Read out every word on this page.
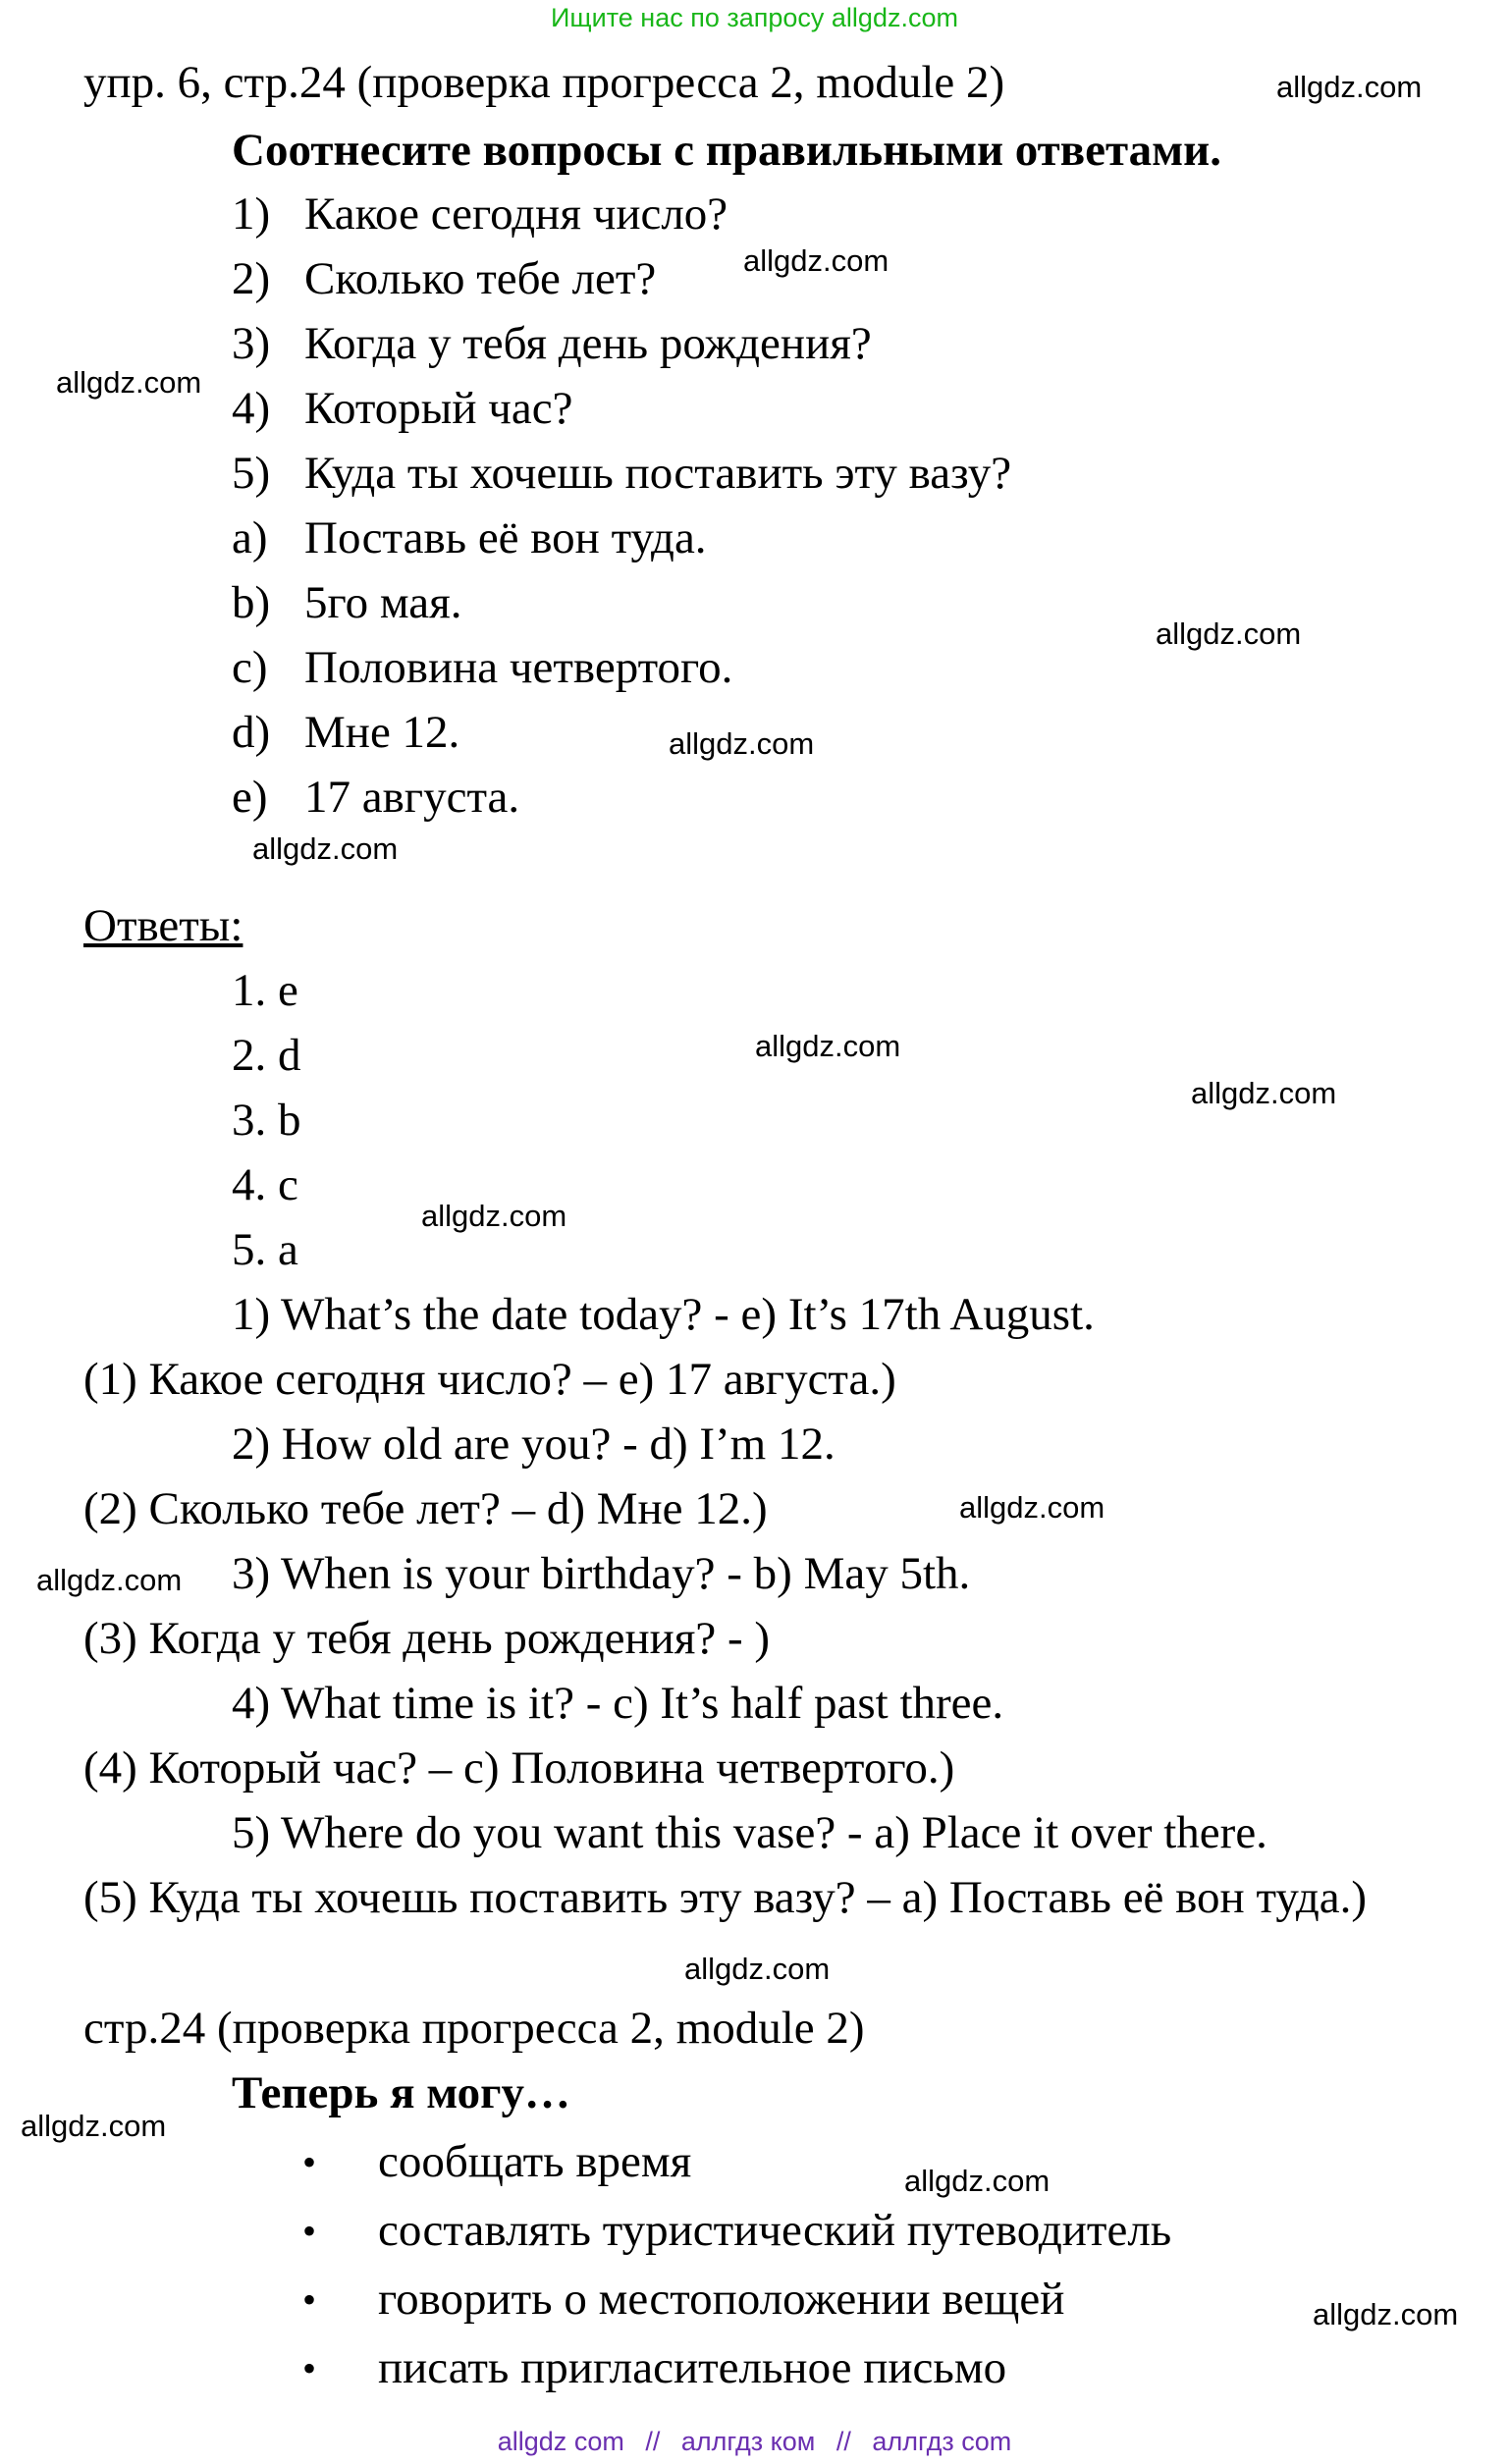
Ищите нас по запросу allgdz.com
упр. 6, стр.24 (проверка прогресса 2, module 2)
Соотнесите вопросы с правильными ответами.
1) Какое сегодня число?
2) Сколько тебе лет?
3) Когда у тебя день рождения?
4) Который час?
5) Куда ты хочешь поставить эту вазу?
a) Поставь её вон туда.
b) 5го мая.
c) Половина четвертого.
d) Мне 12.
e) 17 августа.
Ответы:
1. e
2. d
3. b
4. c
5. a
1) What’s the date today? - e) It’s 17th August.
(1) Какое сегодня число? – e) 17 августа.)
2) How old are you? - d) I’m 12.
(2) Сколько тебе лет? – d) Мне 12.)
3) When is your birthday? - b) May 5th.
(3) Когда у тебя день рождения? - )
4) What time is it? - c) It’s half past three.
(4) Который час? – c) Половина четвертого.)
5) Where do you want this vase? - a) Place it over there.
(5) Куда ты хочешь поставить эту вазу? – a) Поставь её вон туда.)
стр.24 (проверка прогресса 2, module 2)
Теперь я могу…
• сообщать время
• составлять туристический путеводитель
• говорить о местоположении вещей
• писать пригласительное письмо
allgdz.com
allgdz.com
allgdz.com
allgdz.com
allgdz.com
allgdz.com
allgdz.com
allgdz.com
allgdz.com
allgdz.com
allgdz.com
allgdz.com
allgdz.com
allgdz.com
allgdz.com
allgdz com // аллгдз ком // аллгдз com
